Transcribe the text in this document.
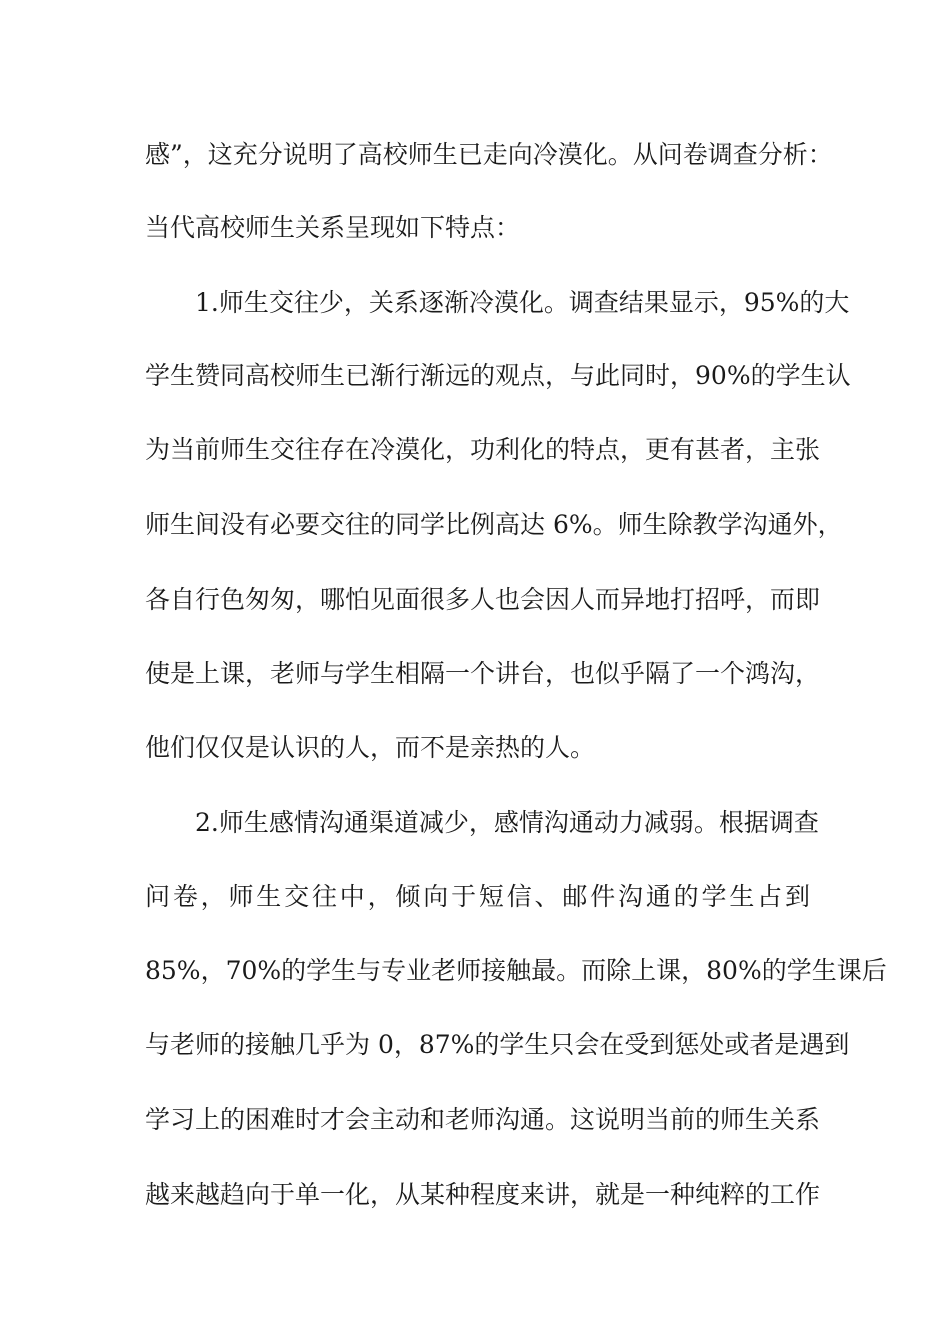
感”，这充分说明了高校师生已走向冷漠化。从问卷调查分析：
当代高校师生关系呈现如下特点：
1.师生交往少，关系逐渐冷漠化。调查结果显示，95%的大
学生赞同高校师生已渐行渐远的观点，与此同时，90%的学生认
为当前师生交往存在冷漠化，功利化的特点，更有甚者，主张
师生间没有必要交往的同学比例高达 6%。师生除教学沟通外，
各自行色匆匆，哪怕见面很多人也会因人而异地打招呼，而即
使是上课，老师与学生相隔一个讲台，也似乎隔了一个鸿沟，
他们仅仅是认识的人，而不是亲热的人。
2.师生感情沟通渠道减少，感情沟通动力减弱。根据调查
问卷，师生交往中，倾向于短信、邮件沟通的学生占到
85%，70%的学生与专业老师接触最。而除上课，80%的学生课后
与老师的接触几乎为 0，87%的学生只会在受到惩处或者是遇到
学习上的困难时才会主动和老师沟通。这说明当前的师生关系
越来越趋向于单一化，从某种程度来讲，就是一种纯粹的工作
